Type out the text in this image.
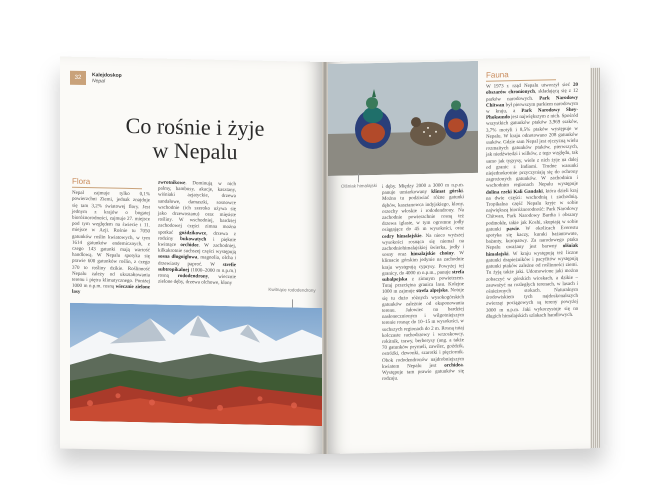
32	Kalejdoskop
Nepal
Co rośnie i żyje
w Nepalu
Flora
Nepal zajmuje tylko 0,1% powierzchni Ziemi, jednak znajduje się tam 3,2% światowej flory. Jest jednym z krajów o bogatej bioróżnorodności, zajmuje 27. miejsce pod tym względem na świecie i 11. miejsce w Azji. Rośnie tu 7050 gatunków roślin kwiatowych, w tym 1614 gatunków endemicznych, z czego 143 gatunki mają wartość handlową. W Nepalu spotyka się prawie 600 gatunków roślin, z czego 370 to rośliny dzikie. Roślinność Nepalu zależy od ukształtowania terenu i piętra klimatycznego. Poniżej 1000 m n.p.m. rosną wiecznie zielone lasy
zwrotnikowe. Dominują w nich palmy, bambusy, akacje, kasztany, wiśniaki azjatyckie, drzewa sandałowe, damaszki, sosnowce wschodnie (ich szeroko używa się jako drzewostanu) oraz mięsiste rośliny. W wschodniej, bardziej zachodowej części zimna można spotkać goździkowce, drzewa z rodziny bukowatych i pięknie kwitnące orchidee. W zachodniej, kilkakrotnie suchszej części występują sosna długoigłowa, magnolia, olcha i drzewiasty paproć. W strefie subtropikalnej (1000–2000 m n.p.m.) rosną rododendrony, wiecznie zielone dęby, drzewa olchowe, klony
Kwitnące rododendrony
Olśniak himalajski i dęby. Między 2000 a 3000 m n.p.m. panuje umiarkowany klimat górski. Można tu podziwiać różne gatunki dębów, kasztanowca indyjskiego, klony, orzechy włoskie i rododendrony. Na zachodnie powierzchnie rosną też drzewa iglaste, w tym ogromne jodły osiągające do 45 m wysokości, oraz cedry himalajskie. Na nieco wyższej wysokości rosnąca się niemal na zachodniohimalajskiej świerka, jodły i sosny oraz himalajskie choiny. W klimacie górskim jedynie na zachodnie kraju występują cyprysy. Powyżej tej granicy, do 4000 m n.p.m., panuje strefa subalpejska z zimnym powietrzem. Tutaj przeciętna granica lasu. Kolejne 1000 m zajmuje strefa alpejska. Notuje się tu dużo różnych wysokogórskich gatunków zależnie od eksponowania terenu. Jałowiec na bardziej nasłonecznionym i wilgotniejszym terenie rosnąc do 10–15 m wysokości, w suchszych regionach do 2 m. Rosną tutaj kolczaste rachodrzewy i wrzoskowcy, rokitnik, trawy, berberysy (ang. a także 70 gatunków pryrneli, zawilec, goździk, ostróżki, dzwonki, szarotki i pięciornik. Obok rododendronów najdrobniejszym kwiatem Nepalu jest orchidea. Występuje tam prawie gatunków się rodzaju.
Fauna
W 1973 r. rząd Nepalu utworzył sieć 20 obszarów chronionych, składającą się z 12 parków narodowych. Park Narodowy Chitwan był pierwszym parkiem narodowym w kraju, a Park Narodowy Shey-Phoksundo jest największym z nich. Spośród wszystkich gatunków ptaków 3,969 ssaków, 3,7% motyli i 8,5% ptaków występuje w Nepalu. W kraju odnotowano 208 gatunków ssaków. Gdzie sam Nepal jest ojczyzną wielu rozmaitych gatunków ptaków, pierwszych, jak niedźwiedzi i wilków, z tego względu, tak samo jak tygrysy, wiele z nich żyje na dalej od granic z Indiami. Trudne warunki niejednokrotnie przyczyniają się do ochrony zagrożonych gatunków. W zachodnim i wschodnim regionach Nepalu występuje dolina rzeki Kali Gandaki, która dzieli kraj na dwie części: wschodnią i zachodnią. Tropikalna część Nepalu kryje w sobie największą bioróżnorodność: Park Narodowy Chitwan, Park Narodowy Bardia i obszary podmokłe, takie jak Koshi, skupiają w sobie gatunki pawie. W okolicach Everestu spotyka się kaczy, kuraki bażantowate, bażanty, kuropatwy. Za narodowego ptaka Nepalu uważany jest barwny olśniak himalajski. W kraju występują też liczne gatunki drapieżników i pacyfitów występują gatunki ptaków zależne od roślinności ziemi. Tu żyją także jaki. Udomowione jaki można zobaczyć w górskich wioskach, a dzikie – zauważyć na rozległych terenach, w lasach i ośnieżonych stokach. Naturalnym środowiskiem tych najdoskonalszych zwierząt pociągowych są tereny powyżej 3000 m n.p.m. Jaki wykorzystuje się na długich himalajskich szlakach handlowych.
